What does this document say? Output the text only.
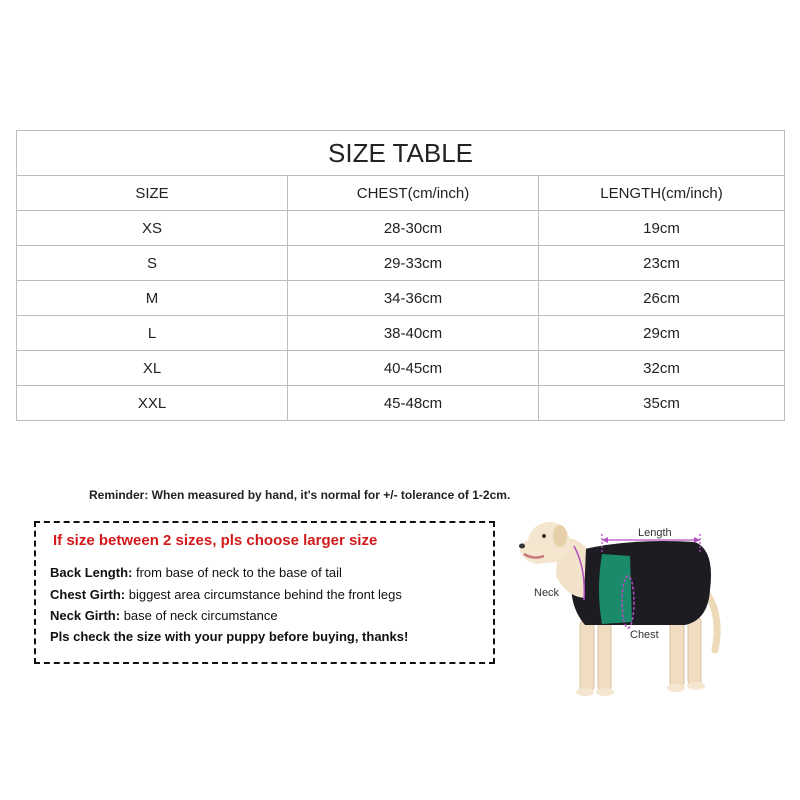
SIZE TABLE		
SIZE	CHEST(cm/inch)	LENGTH(cm/inch)
XS	28-30cm	19cm
S	29-33cm	23cm
M	34-36cm	26cm
L	38-40cm	29cm
XL	40-45cm	32cm
XXL	45-48cm	35cm
Reminder: When measured by hand, it's normal for +/- tolerance of 1-2cm.
If size between 2 sizes, pls choose larger size
Back Length: from base of neck to the base of tail
Chest Girth: biggest area circumstance behind the front legs
Neck Girth: base of neck circumstance
Pls check the size with your puppy before buying, thanks!
Length
Neck
Chest
